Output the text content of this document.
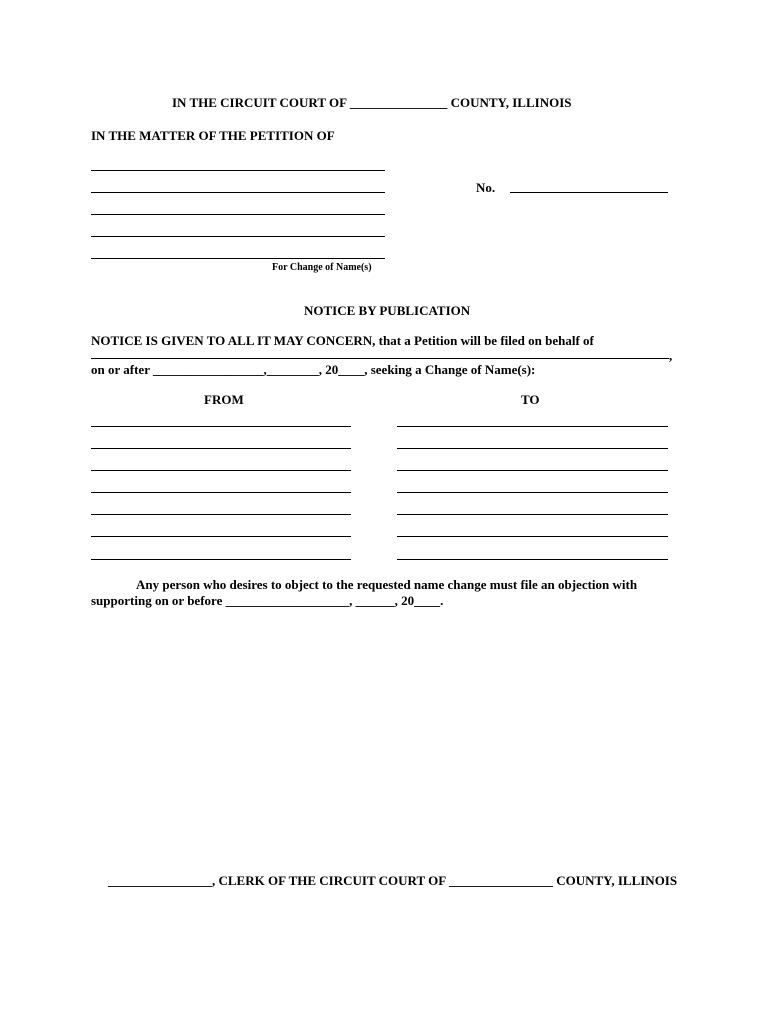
IN THE CIRCUIT COURT OF _______________ COUNTY, ILLINOIS
IN THE MATTER OF THE PETITION OF
No.
For Change of Name(s)
NOTICE BY PUBLICATION
NOTICE IS GIVEN TO ALL IT MAY CONCERN, that a Petition will be filed on behalf of
,
on or after _________________,________, 20____, seeking a Change of Name(s):
FROM	TO
Any person who desires to object to the requested name change must file an objection with
supporting on or before ___________________, ______, 20____.
________________, CLERK OF THE CIRCUIT COURT OF ________________ COUNTY, ILLINOIS
